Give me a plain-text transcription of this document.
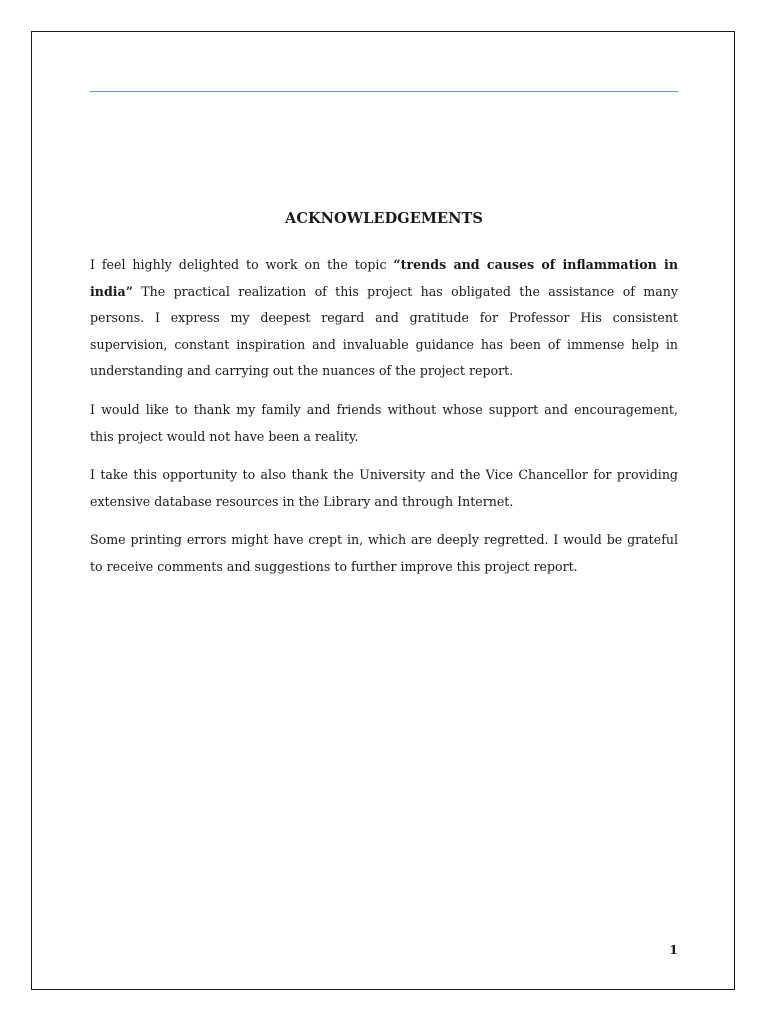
ACKNOWLEDGEMENTS

I feel highly delighted to work on the topic “trends and causes of inflammation in india” The practical realization of this project has obligated the assistance of many persons. I express my deepest regard and gratitude for Professor His consistent supervision, constant inspiration and invaluable guidance has been of immense help in understanding and carrying out the nuances of the project report.

I would like to thank my family and friends without whose support and encouragement, this project would not have been a reality.

I take this opportunity to also thank the University and the Vice Chancellor for providing extensive database resources in the Library and through Internet.

Some printing errors might have crept in, which are deeply regretted. I would be grateful to receive comments and suggestions to further improve this project report.

1
